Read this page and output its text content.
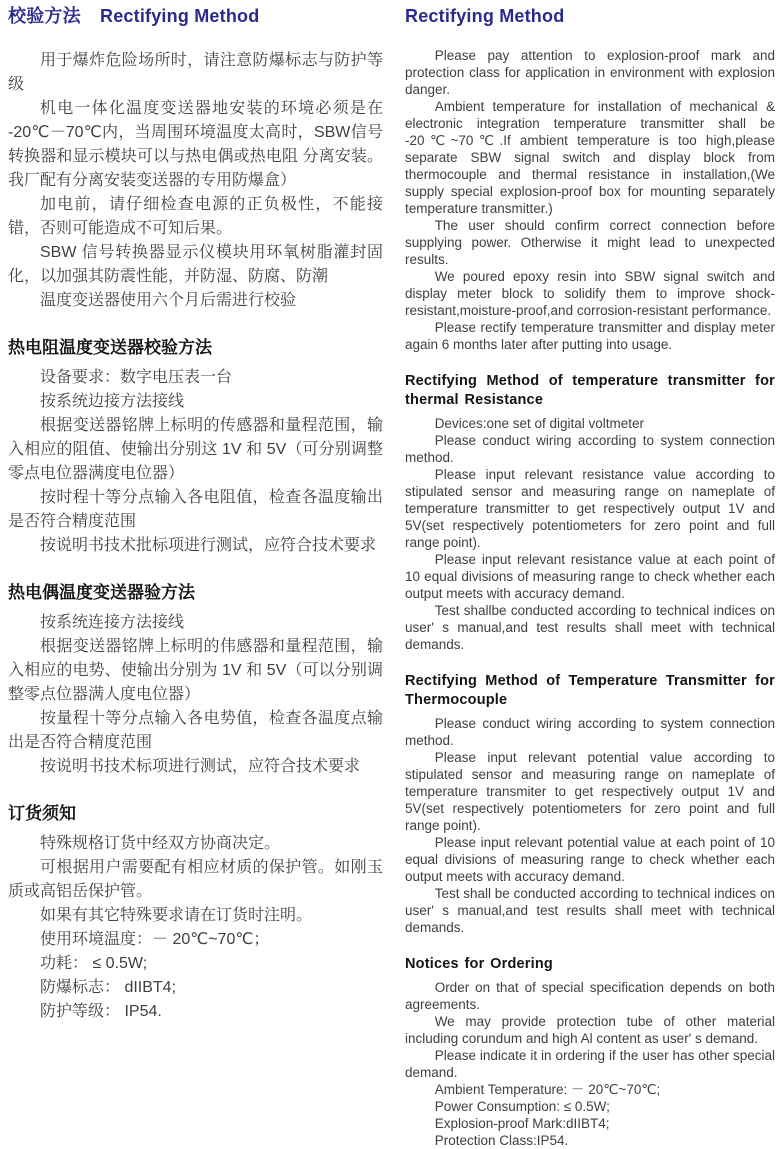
校验方法 Rectifying Method

用于爆炸危险场所时，请注意防爆标志与防护等级

机电一体化温度变送器地安装的环境必须是在 -20℃－70℃内，当周围环境温度太高时，SBW信号转换器和显示模块可以与热电偶或热电阻 分离安装。我厂配有分离安装变送器的专用防爆盒）

加电前，请仔细检查电源的正负极性，不能接错，否则可能造成不可知后果。

SBW 信号转换器显示仪模块用环氧树脂灌封固化，以加强其防震性能，并防湿、防腐、防潮

温度变送器使用六个月后需进行校验

热电阻温度变送器校验方法

设备要求：数字电压表一台

按系统边接方法接线

根据变送器铭牌上标明的传感器和量程范围，输入相应的阻值、使输出分别这 1V 和 5V（可分别调整零点电位器满度电位器）

按时程十等分点输入各电阻值，检查各温度输出是否符合精度范围

按说明书技术批标项进行测试，应符合技术要求

热电偶温度变送器验方法

按系统连接方法接线

根据变送器铭牌上标明的伟感器和量程范围，输入相应的电势、使输出分别为 1V 和 5V（可以分别调整零点位器满人度电位器）

按量程十等分点输入各电势值，检查各温度点输出是否符合精度范围

按说明书技术标项进行测试，应符合技术要求

订货须知

特殊规格订货中经双方协商决定。

可根据用户需要配有相应材质的保护管。如刚玉质或高铝岳保护管。

如果有其它特殊要求请在订货时注明。

使用环境温度：－ 20℃~70℃；

功耗： ≤ 0.5W;

防爆标志： dIIBT4;

防护等级： IP54.

Rectifying Method

Please pay attention to explosion-proof mark and protection class for application in environment with explosion danger.

Ambient temperature for installation of mechanical & electronic integration temperature transmitter shall be -20℃~70℃.If ambient temperature is too high,please separate SBW signal switch and display block from thermocouple and thermal resistance in installation,(We supply special explosion-proof box for mounting separately temperature transmitter.)

The user should confirm correct connection before supplying power. Otherwise it might lead to unexpected results.

We poured epoxy resin into SBW signal switch and display meter block to solidify them to improve shock-resistant,moisture-proof,and corrosion-resistant performance.

Please rectify temperature transmitter and display meter again 6 months later after putting into usage.

Rectifying Method of temperature transmitter for thermal Resistance

Devices:one set of digital voltmeter

Please conduct wiring according to system connection method.

Please input relevant resistance value according to stipulated sensor and measuring range on nameplate of temperature transmitter to get respectively output 1V and 5V(set respectively potentiometers for zero point and full range point).

Please input relevant resistance value at each point of 10 equal divisions of measuring range to check whether each output meets with accuracy demand.

Test shallbe conducted according to technical indices on user' s manual,and test results shall meet with technical demands.

Rectifying Method of Temperature Transmitter for Thermocouple

Please conduct wiring according to system connection method.

Please input relevant potential value according to stipulated sensor and measuring range on nameplate of temperature transmiter to get respectively output 1V and 5V(set respectively potentiometers for zero point and full range point).

Please input relevant potential value at each point of 10 equal divisions of measuring range to check whether each output meets with accuracy demand.

Test shall be conducted according to technical indices on user' s manual,and test results shall meet with technical demands.

Notices for Ordering

Order on that of special specification depends on both agreements.

We may provide protection tube of other material including corundum and high Al content as user' s demand.

Please indicate it in ordering if the user has other special demand.

Ambient Temperature: － 20℃~70℃;

Power Consumption: ≤ 0.5W;

Explosion-proof Mark:dIIBT4;

Protection Class:IP54.
